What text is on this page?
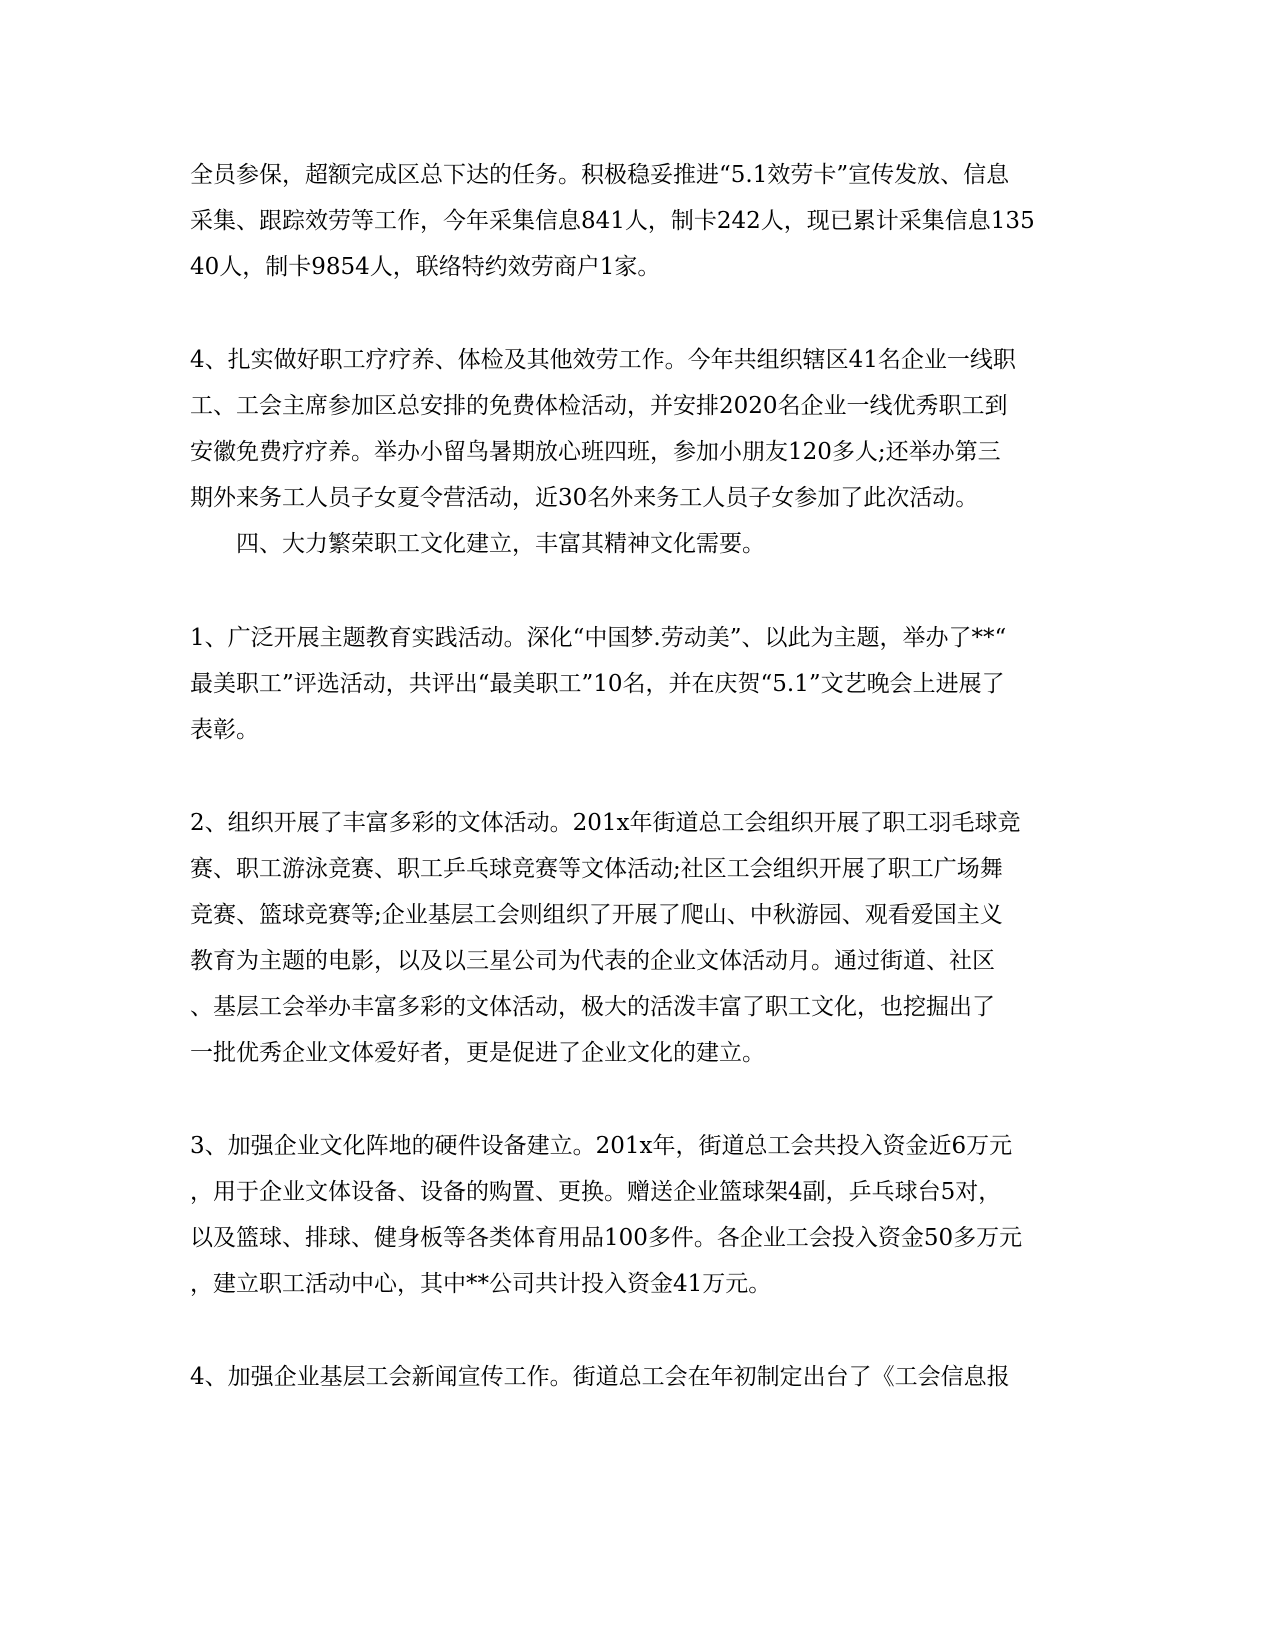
全员参保，超额完成区总下达的任务。积极稳妥推进“5.1效劳卡”宣传发放、信息

采集、跟踪效劳等工作，今年采集信息841人，制卡242人，现已累计采集信息135

40人，制卡9854人，联络特约效劳商户1家。

4、扎实做好职工疗疗养、体检及其他效劳工作。今年共组织辖区41名企业一线职

工、工会主席参加区总安排的免费体检活动，并安排2020名企业一线优秀职工到

安徽免费疗疗养。举办小留鸟暑期放心班四班，参加小朋友120多人;还举办第三

期外来务工人员子女夏令营活动，近30名外来务工人员子女参加了此次活动。

四、大力繁荣职工文化建立，丰富其精神文化需要。

1、广泛开展主题教育实践活动。深化“中国梦.劳动美”、以此为主题，举办了**“

最美职工”评选活动，共评出“最美职工”10名，并在庆贺“5.1”文艺晚会上进展了

表彰。

2、组织开展了丰富多彩的文体活动。201x年街道总工会组织开展了职工羽毛球竞

赛、职工游泳竞赛、职工乒乓球竞赛等文体活动;社区工会组织开展了职工广场舞

竞赛、篮球竞赛等;企业基层工会则组织了开展了爬山、中秋游园、观看爱国主义

教育为主题的电影，以及以三星公司为代表的企业文体活动月。通过街道、社区

、基层工会举办丰富多彩的文体活动，极大的活泼丰富了职工文化，也挖掘出了

一批优秀企业文体爱好者，更是促进了企业文化的建立。

3、加强企业文化阵地的硬件设备建立。201x年，街道总工会共投入资金近6万元

，用于企业文体设备、设备的购置、更换。赠送企业篮球架4副，乒乓球台5对，

以及篮球、排球、健身板等各类体育用品100多件。各企业工会投入资金50多万元

，建立职工活动中心，其中**公司共计投入资金41万元。

4、加强企业基层工会新闻宣传工作。街道总工会在年初制定出台了《工会信息报
